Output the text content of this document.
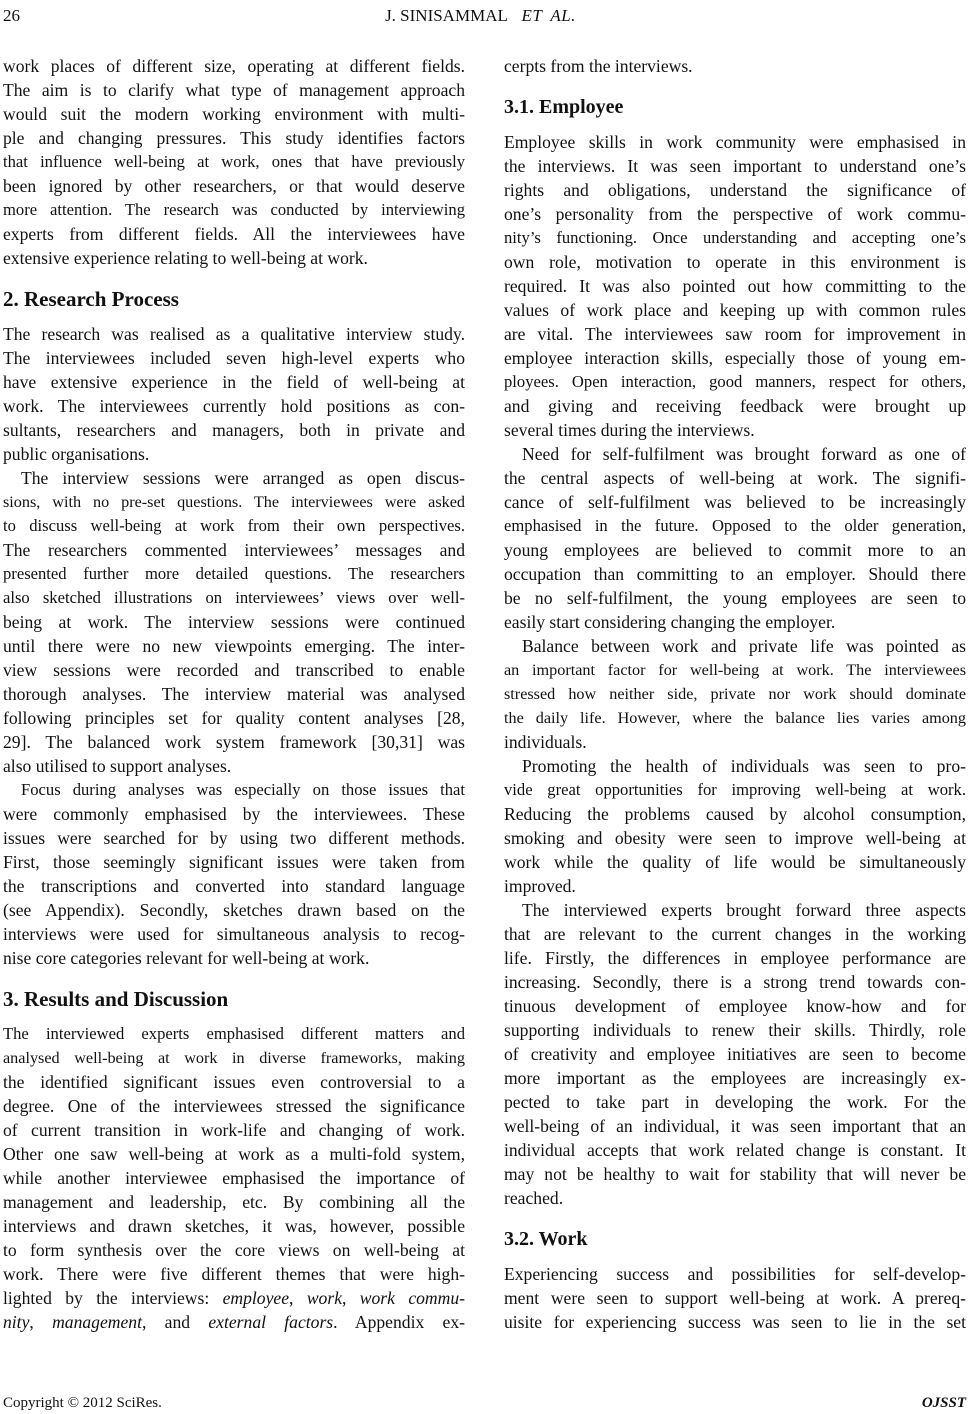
26	J. SINISAMMAL ET AL.
work places of different size, operating at different fields.
The aim is to clarify what type of management approach
would suit the modern working environment with multi-
ple and changing pressures. This study identifies factors
that influence well-being at work, ones that have previously
been ignored by other researchers, or that would deserve
more attention. The research was conducted by interviewing
experts from different fields. All the interviewees have
extensive experience relating to well-being at work.
2. Research Process
The research was realised as a qualitative interview study.
The interviewees included seven high-level experts who
have extensive experience in the field of well-being at
work. The interviewees currently hold positions as con-
sultants, researchers and managers, both in private and
public organisations.
The interview sessions were arranged as open discus-
sions, with no pre-set questions. The interviewees were asked
to discuss well-being at work from their own perspectives.
The researchers commented interviewees’ messages and
presented further more detailed questions. The researchers
also sketched illustrations on interviewees’ views over well-
being at work. The interview sessions were continued
until there were no new viewpoints emerging. The inter-
view sessions were recorded and transcribed to enable
thorough analyses. The interview material was analysed
following principles set for quality content analyses [28,
29]. The balanced work system framework [30,31] was
also utilised to support analyses.
Focus during analyses was especially on those issues that
were commonly emphasised by the interviewees. These
issues were searched for by using two different methods.
First, those seemingly significant issues were taken from
the transcriptions and converted into standard language
(see Appendix). Secondly, sketches drawn based on the
interviews were used for simultaneous analysis to recog-
nise core categories relevant for well-being at work.
3. Results and Discussion
The interviewed experts emphasised different matters and
analysed well-being at work in diverse frameworks, making
the identified significant issues even controversial to a
degree. One of the interviewees stressed the significance
of current transition in work-life and changing of work.
Other one saw well-being at work as a multi-fold system,
while another interviewee emphasised the importance of
management and leadership, etc. By combining all the
interviews and drawn sketches, it was, however, possible
to form synthesis over the core views on well-being at
work. There were five different themes that were high-
lighted by the interviews: employee, work, work commu-
nity, management, and external factors. Appendix ex-
cerpts from the interviews.
3.1. Employee
Employee skills in work community were emphasised in
the interviews. It was seen important to understand one’s
rights and obligations, understand the significance of
one’s personality from the perspective of work commu-
nity’s functioning. Once understanding and accepting one’s
own role, motivation to operate in this environment is
required. It was also pointed out how committing to the
values of work place and keeping up with common rules
are vital. The interviewees saw room for improvement in
employee interaction skills, especially those of young em-
ployees. Open interaction, good manners, respect for others,
and giving and receiving feedback were brought up
several times during the interviews.
Need for self-fulfilment was brought forward as one of
the central aspects of well-being at work. The signifi-
cance of self-fulfilment was believed to be increasingly
emphasised in the future. Opposed to the older generation,
young employees are believed to commit more to an
occupation than committing to an employer. Should there
be no self-fulfilment, the young employees are seen to
easily start considering changing the employer.
Balance between work and private life was pointed as
an important factor for well-being at work. The interviewees
stressed how neither side, private nor work should dominate
the daily life. However, where the balance lies varies among
individuals.
Promoting the health of individuals was seen to pro-
vide great opportunities for improving well-being at work.
Reducing the problems caused by alcohol consumption,
smoking and obesity were seen to improve well-being at
work while the quality of life would be simultaneously
improved.
The interviewed experts brought forward three aspects
that are relevant to the current changes in the working
life. Firstly, the differences in employee performance are
increasing. Secondly, there is a strong trend towards con-
tinuous development of employee know-how and for
supporting individuals to renew their skills. Thirdly, role
of creativity and employee initiatives are seen to become
more important as the employees are increasingly ex-
pected to take part in developing the work. For the
well-being of an individual, it was seen important that an
individual accepts that work related change is constant. It
may not be healthy to wait for stability that will never be
reached.
3.2. Work
Experiencing success and possibilities for self-develop-
ment were seen to support well-being at work. A prereq-
uisite for experiencing success was seen to lie in the set
Copyright © 2012 SciRes.	OJSST
